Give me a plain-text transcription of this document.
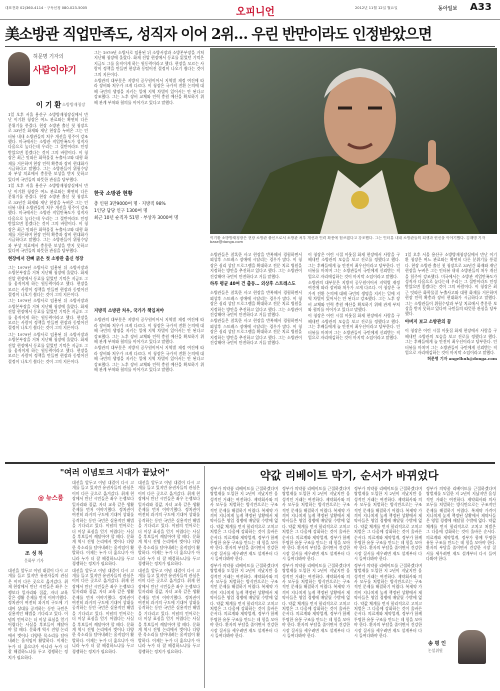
대표전화 02)360-4114 · 구독신청 080-023-5005	오피니언	2012년 11월 12일 월요일	동아일보 A33
美소방관 직업만족도, 성직자 이어 2위… 우린 반만이라도 인정받았으면
허문명 기자의
사람이야기
이 기 환 소방방재청장

1일 오후 서울 용산구 소방방재청장실에서 만난 이기환 청장은 여느 관료와는 확연히 다른 분위기를 풍겼다. 현장 소방관 출신 첫 청장으로 33년간 화재와 재난 현장을 누벼온 그는 인터뷰 내내 소방관들의 처우 개선을 힘주어 강조했다. 미국에서는 소방관 직업만족도가 성직자 다음으로 높다는데 우리는 그 절반이라도 인정받았으면 좋겠다는 것이 그의 바람이다. 이 청장은 최근 잇따른 화학물질 누출사고와 대형 화재를 거론하며 현장 인력 확충과 장비 현대화가 시급하다고 말했다. 그는 소방관들이 위험수당과 부상 치료에서 충분한 보상을 받지 못하고 있다며 국민들의 따뜻한 관심을 당부했다.

1일 오후 서울 용산구 소방방재청장실에서 만난 이기환 청장은 여느 관료와는 확연히 다른 분위기를 풍겼다. 현장 소방관 출신 첫 청장으로 33년간 화재와 재난 현장을 누벼온 그는 인터뷰 내내 소방관들의 처우 개선을 힘주어 강조했다. 미국에서는 소방관 직업만족도가 성직자 다음으로 높다는데 우리는 그 절반이라도 인정받았으면 좋겠다는 것이 그의 바람이다. 이 청장은 최근 잇따른 화학물질 누출사고와 대형 화재를 거론하며 현장 인력 확충과 장비 현대화가 시급하다고 말했다. 그는 소방관들이 위험수당과 부상 치료에서 충분한 보상을 받지 못하고 있다며 국민들의 따뜻한 관심을 당부했다.

현장에서 잔뼈 굵은 첫 소방관 출신 청장

그는 1979년 소방사로 임용된 뒤 소방서장과 소방본부장을 거쳐 지난해 청장에 올랐다. 화재 진압 현장에서 동료를 잃었던 기억은 지금도 그를 움직이게 하는 원동력이라고 했다. 현장을 모르는 사람이 정책을 만들면 현장과 동떨어진 결정이 나오기 쉽다는 것이 그의 지론이다.

그는 1979년 소방사로 임용된 뒤 소방서장과 소방본부장을 거쳐 지난해 청장에 올랐다. 화재 진압 현장에서 동료를 잃었던 기억은 지금도 그를 움직이게 하는 원동력이라고 했다. 현장을 모르는 사람이 정책을 만들면 현장과 동떨어진 결정이 나오기 쉽다는 것이 그의 지론이다.

그는 1979년 소방사로 임용된 뒤 소방서장과 소방본부장을 거쳐 지난해 청장에 올랐다. 화재 진압 현장에서 동료를 잃었던 기억은 지금도 그를 움직이게 하는 원동력이라고 했다. 현장을 모르는 사람이 정책을 만들면 현장과 동떨어진 결정이 나오기 쉽다는 것이 그의 지론이다.

이기환 소방방재청장은 현장 소방관 출신으로서 소방관 처우 개선과 인력 확충에 힘쓰겠다고 강조했다. 그는 인터뷰 내내 소방관들의 희생과 헌신을 이야기했다. 김재명 기자 base@donga.com
한국 소방관 현황
총 인원 3만9000여 명 · 지방직 98%
1인당 담당 인구 1300여 명
최근 10년 순직자 51명 · 부상자 3000여 명

그는 1979년 소방사로 임용된 뒤 소방서장과 소방본부장을 거쳐 지난해 청장에 올랐다. 화재 진압 현장에서 동료를 잃었던 기억은 지금도 그를 움직이게 하는 원동력이라고 했다. 현장을 모르는 사람이 정책을 만들면 현장과 동떨어진 결정이 나오기 쉽다는 것이 그의 지론이다.

소방관의 대부분은 지방직 공무원이어서 지역별 재정 여건에 따라 장비와 처우가 크게 다르다. 이 청장은 국가직 전환 논의에 대해 국민의 생명을 지키는 일에 지역 차별이 있어서는 안 된다고 강조했다. 그는 노후 장비 교체와 인력 충원 예산을 확보하기 위해 관계 부처와 협의를 이어가고 있다고 말했다.

지방직 소방관 처우, 국가가 책임져야

소방관의 대부분은 지방직 공무원이어서 지역별 재정 여건에 따라 장비와 처우가 크게 다르다. 이 청장은 국가직 전환 논의에 대해 국민의 생명을 지키는 일에 지역 차별이 있어서는 안 된다고 강조했다. 그는 노후 장비 교체와 인력 충원 예산을 확보하기 위해 관계 부처와 협의를 이어가고 있다고 말했다.

소방관의 대부분은 지방직 공무원이어서 지역별 재정 여건에 따라 장비와 처우가 크게 다르다. 이 청장은 국가직 전환 논의에 대해 국민의 생명을 지키는 일에 지역 차별이 있어서는 안 된다고 강조했다. 그는 노후 장비 교체와 인력 충원 예산을 확보하기 위해 관계 부처와 협의를 이어가고 있다고 말했다.

소방관들은 참혹한 사고 현장을 반복해서 경험하면서 외상후 스트레스 장애에 시달리는 경우가 많다. 이 청장은 심리 상담 프로그램을 확대하고 전문 치료 병원을 지정하는 방안을 추진하고 있다고 했다. 그는 소방관이 건강해야 국민이 안전하다고 거듭 말했다.

하루 평균 40여 건 출동… 외상후 스트레스도

소방관들은 참혹한 사고 현장을 반복해서 경험하면서 외상후 스트레스 장애에 시달리는 경우가 많다. 이 청장은 심리 상담 프로그램을 확대하고 전문 치료 병원을 지정하는 방안을 추진하고 있다고 했다. 그는 소방관이 건강해야 국민이 안전하다고 거듭 말했다.

소방관들은 참혹한 사고 현장을 반복해서 경험하면서 외상후 스트레스 장애에 시달리는 경우가 많다. 이 청장은 심리 상담 프로그램을 확대하고 전문 치료 병원을 지정하는 방안을 추진하고 있다고 했다. 그는 소방관이 건강해야 국민이 안전하다고 거듭 말했다.

이 청장은 어린 시절 이웃집 화재 현장에서 사람을 구해내던 소방관의 모습을 보고 진로를 정했다고 했다. 그는 후배들에게 늘 안전이 최우선이라고 당부한다. 인터뷰를 마치며 그는 소방관들이 국민에게 신뢰받는 직업으로 자리매김하는 것이 마지막 소임이라고 말했다.

소방관의 대부분은 지방직 공무원이어서 지역별 재정 여건에 따라 장비와 처우가 크게 다르다. 이 청장은 국가직 전환 논의에 대해 국민의 생명을 지키는 일에 지역 차별이 있어서는 안 된다고 강조했다. 그는 노후 장비 교체와 인력 충원 예산을 확보하기 위해 관계 부처와 협의를 이어가고 있다고 말했다.

이 청장은 어린 시절 이웃집 화재 현장에서 사람을 구해내던 소방관의 모습을 보고 진로를 정했다고 했다. 그는 후배들에게 늘 안전이 최우선이라고 당부한다. 인터뷰를 마치며 그는 소방관들이 국민에게 신뢰받는 직업으로 자리매김하는 것이 마지막 소임이라고 말했다.

1일 오후 서울 용산구 소방방재청장실에서 만난 이기환 청장은 여느 관료와는 확연히 다른 분위기를 풍겼다. 현장 소방관 출신 첫 청장으로 33년간 화재와 재난 현장을 누벼온 그는 인터뷰 내내 소방관들의 처우 개선을 힘주어 강조했다. 미국에서는 소방관 직업만족도가 성직자 다음으로 높다는데 우리는 그 절반이라도 인정받았으면 좋겠다는 것이 그의 바람이다. 이 청장은 최근 잇따른 화학물질 누출사고와 대형 화재를 거론하며 현장 인력 확충과 장비 현대화가 시급하다고 말했다. 그는 소방관들이 위험수당과 부상 치료에서 충분한 보상을 받지 못하고 있다며 국민들의 따뜻한 관심을 당부했다.

아버지 보고 소방관의 꿈

이 청장은 어린 시절 이웃집 화재 현장에서 사람을 구해내던 소방관의 모습을 보고 진로를 정했다고 했다. 그는 후배들에게 늘 안전이 최우선이라고 당부한다. 인터뷰를 마치며 그는 소방관들이 국민에게 신뢰받는 직업으로 자리매김하는 것이 마지막 소임이라고 말했다.

허문명 기자 angelhuh@donga.com

"여러 이념토크 시대가 끝났어"
@ 뉴스룸
조 성 하
문화부 기자

대선을 앞두고 이념 대결이 다시 고개를 들고 있지만 유권자들의 관심은 이미 다른 곳으로 옮겨갔다. 취재 현장에서 만난 시민들은 좌우 논쟁보다 일자리와 집값, 자녀 교육 같은 생활 문제를 먼저 이야기했다. 정치권이 여전히 과거의 구도에 기대어 상대를 공격하는 동안 국민은 실용적인 해법을 기다리고 있다. 이념의 언어로는 더 이상 표심을 얻기 어렵다는 사실을 후보들이 깨달아야 할 때다. 문화계 역시 진영 논리에서 벗어나 다양한 목소리를 담아내려는 움직임이 활발하다. 이제는 누가 더 옳으냐가 아니라 누가 더 잘 해결하느냐를 두고 경쟁하는 정치가 필요하다.

대선을 앞두고 이념 대결이 다시 고개를 들고 있지만 유권자들의 관심은 이미 다른 곳으로 옮겨갔다. 취재 현장에서 만난 시민들은 좌우 논쟁보다 일자리와 집값, 자녀 교육 같은 생활 문제를 먼저 이야기했다. 정치권이 여전히 과거의 구도에 기대어 상대를 공격하는 동안 국민은 실용적인 해법을 기다리고 있다. 이념의 언어로는 더 이상 표심을 얻기 어렵다는 사실을 후보들이 깨달아야 할 때다. 문화계 역시 진영 논리에서 벗어나 다양한 목소리를 담아내려는 움직임이 활발하다. 이제는 누가 더 옳으냐가 아니라 누가 더 잘 해결하느냐를 두고 경쟁하는 정치가 필요하다.

대선을 앞두고 이념 대결이 다시 고개를 들고 있지만 유권자들의 관심은 이미 다른 곳으로 옮겨갔다. 취재 현장에서 만난 시민들은 좌우 논쟁보다 일자리와 집값, 자녀 교육 같은 생활 문제를 먼저 이야기했다. 정치권이 여전히 과거의 구도에 기대어 상대를 공격하는 동안 국민은 실용적인 해법을 기다리고 있다. 이념의 언어로는 더 이상 표심을 얻기 어렵다는 사실을 후보들이 깨달아야 할 때다. 문화계 역시 진영 논리에서 벗어나 다양한 목소리를 담아내려는 움직임이 활발하다. 이제는 누가 더 옳으냐가 아니라 누가 더 잘 해결하느냐를 두고 경쟁하는 정치가 필요하다.

대선을 앞두고 이념 대결이 다시 고개를 들고 있지만 유권자들의 관심은 이미 다른 곳으로 옮겨갔다. 취재 현장에서 만난 시민들은 좌우 논쟁보다 일자리와 집값, 자녀 교육 같은 생활 문제를 먼저 이야기했다. 정치권이 여전히 과거의 구도에 기대어 상대를 공격하는 동안 국민은 실용적인 해법을 기다리고 있다. 이념의 언어로는 더 이상 표심을 얻기 어렵다는 사실을 후보들이 깨달아야 할 때다. 문화계 역시 진영 논리에서 벗어나 다양한 목소리를 담아내려는 움직임이 활발하다. 이제는 누가 더 옳으냐가 아니라 누가 더 잘 해결하느냐를 두고 경쟁하는 정치가 필요하다.

대선을 앞두고 이념 대결이 다시 고개를 들고 있지만 유권자들의 관심은 이미 다른 곳으로 옮겨갔다. 취재 현장에서 만난 시민들은 좌우 논쟁보다 일자리와 집값, 자녀 교육 같은 생활 문제를 먼저 이야기했다. 정치권이 여전히 과거의 구도에 기대어 상대를 공격하는 동안 국민은 실용적인 해법을 기다리고 있다. 이념의 언어로는 더 이상 표심을 얻기 어렵다는 사실을 후보들이 깨달아야 할 때다. 문화계 역시 진영 논리에서 벗어나 다양한 목소리를 담아내려는 움직임이 활발하다. 이제는 누가 더 옳으냐가 아니라 누가 더 잘 해결하느냐를 두고 경쟁하는 정치가 필요하다.

약값 리베이트 막기, 순서가 바뀌었다

정부가 의약품 리베이트를 근절하겠다며 쌍벌제를 도입한 지 2년이 지났지만 음성적인 거래는 여전하다. 제약회사와 의사 모두를 처벌하는 방식만으로는 구조적인 문제를 해결하기 어렵다. 복제약 가격이 지나치게 높게 책정된 상황에서 제약사들은 영업 경쟁에 매달릴 수밖에 없다. 약값 체계를 먼저 합리적으로 고치고 처벌은 그 다음에 강화하는 것이 올바른 순서다. 의료계와 제약업계, 정부가 함께 투명한 유통 구조를 만드는 데 힘을 모아야 한다. 환자의 부담을 줄이면서 건강한 시장 질서를 세우려면 제도 설계부터 다시 들여다봐야 한다.

정부가 의약품 리베이트를 근절하겠다며 쌍벌제를 도입한 지 2년이 지났지만 음성적인 거래는 여전하다. 제약회사와 의사 모두를 처벌하는 방식만으로는 구조적인 문제를 해결하기 어렵다. 복제약 가격이 지나치게 높게 책정된 상황에서 제약사들은 영업 경쟁에 매달릴 수밖에 없다. 약값 체계를 먼저 합리적으로 고치고 처벌은 그 다음에 강화하는 것이 올바른 순서다. 의료계와 제약업계, 정부가 함께 투명한 유통 구조를 만드는 데 힘을 모아야 한다. 환자의 부담을 줄이면서 건강한 시장 질서를 세우려면 제도 설계부터 다시 들여다봐야 한다.

정부가 의약품 리베이트를 근절하겠다며 쌍벌제를 도입한 지 2년이 지났지만 음성적인 거래는 여전하다. 제약회사와 의사 모두를 처벌하는 방식만으로는 구조적인 문제를 해결하기 어렵다. 복제약 가격이 지나치게 높게 책정된 상황에서 제약사들은 영업 경쟁에 매달릴 수밖에 없다. 약값 체계를 먼저 합리적으로 고치고 처벌은 그 다음에 강화하는 것이 올바른 순서다. 의료계와 제약업계, 정부가 함께 투명한 유통 구조를 만드는 데 힘을 모아야 한다. 환자의 부담을 줄이면서 건강한 시장 질서를 세우려면 제도 설계부터 다시 들여다봐야 한다.

정부가 의약품 리베이트를 근절하겠다며 쌍벌제를 도입한 지 2년이 지났지만 음성적인 거래는 여전하다. 제약회사와 의사 모두를 처벌하는 방식만으로는 구조적인 문제를 해결하기 어렵다. 복제약 가격이 지나치게 높게 책정된 상황에서 제약사들은 영업 경쟁에 매달릴 수밖에 없다. 약값 체계를 먼저 합리적으로 고치고 처벌은 그 다음에 강화하는 것이 올바른 순서다. 의료계와 제약업계, 정부가 함께 투명한 유통 구조를 만드는 데 힘을 모아야 한다. 환자의 부담을 줄이면서 건강한 시장 질서를 세우려면 제도 설계부터 다시 들여다봐야 한다.

정부가 의약품 리베이트를 근절하겠다며 쌍벌제를 도입한 지 2년이 지났지만 음성적인 거래는 여전하다. 제약회사와 의사 모두를 처벌하는 방식만으로는 구조적인 문제를 해결하기 어렵다. 복제약 가격이 지나치게 높게 책정된 상황에서 제약사들은 영업 경쟁에 매달릴 수밖에 없다. 약값 체계를 먼저 합리적으로 고치고 처벌은 그 다음에 강화하는 것이 올바른 순서다. 의료계와 제약업계, 정부가 함께 투명한 유통 구조를 만드는 데 힘을 모아야 한다. 환자의 부담을 줄이면서 건강한 시장 질서를 세우려면 제도 설계부터 다시 들여다봐야 한다.

정부가 의약품 리베이트를 근절하겠다며 쌍벌제를 도입한 지 2년이 지났지만 음성적인 거래는 여전하다. 제약회사와 의사 모두를 처벌하는 방식만으로는 구조적인 문제를 해결하기 어렵다. 복제약 가격이 지나치게 높게 책정된 상황에서 제약사들은 영업 경쟁에 매달릴 수밖에 없다. 약값 체계를 먼저 합리적으로 고치고 처벌은 그 다음에 강화하는 것이 올바른 순서다. 의료계와 제약업계, 정부가 함께 투명한 유통 구조를 만드는 데 힘을 모아야 한다. 환자의 부담을 줄이면서 건강한 시장 질서를 세우려면 제도 설계부터 다시 들여다봐야 한다.

정부가 의약품 리베이트를 근절하겠다며 쌍벌제를 도입한 지 2년이 지났지만 음성적인 거래는 여전하다. 제약회사와 의사 모두를 처벌하는 방식만으로는 구조적인 문제를 해결하기 어렵다. 복제약 가격이 지나치게 높게 책정된 상황에서 제약사들은 영업 경쟁에 매달릴 수밖에 없다. 약값 체계를 먼저 합리적으로 고치고 처벌은 그 다음에 강화하는 것이 올바른 순서다. 의료계와 제약업계, 정부가 함께 투명한 유통 구조를 만드는 데 힘을 모아야 한다. 환자의 부담을 줄이면서 건강한 시장 질서를 세우려면 제도 설계부터 다시 들여다봐야 한다.

송 평 인
논설위원
